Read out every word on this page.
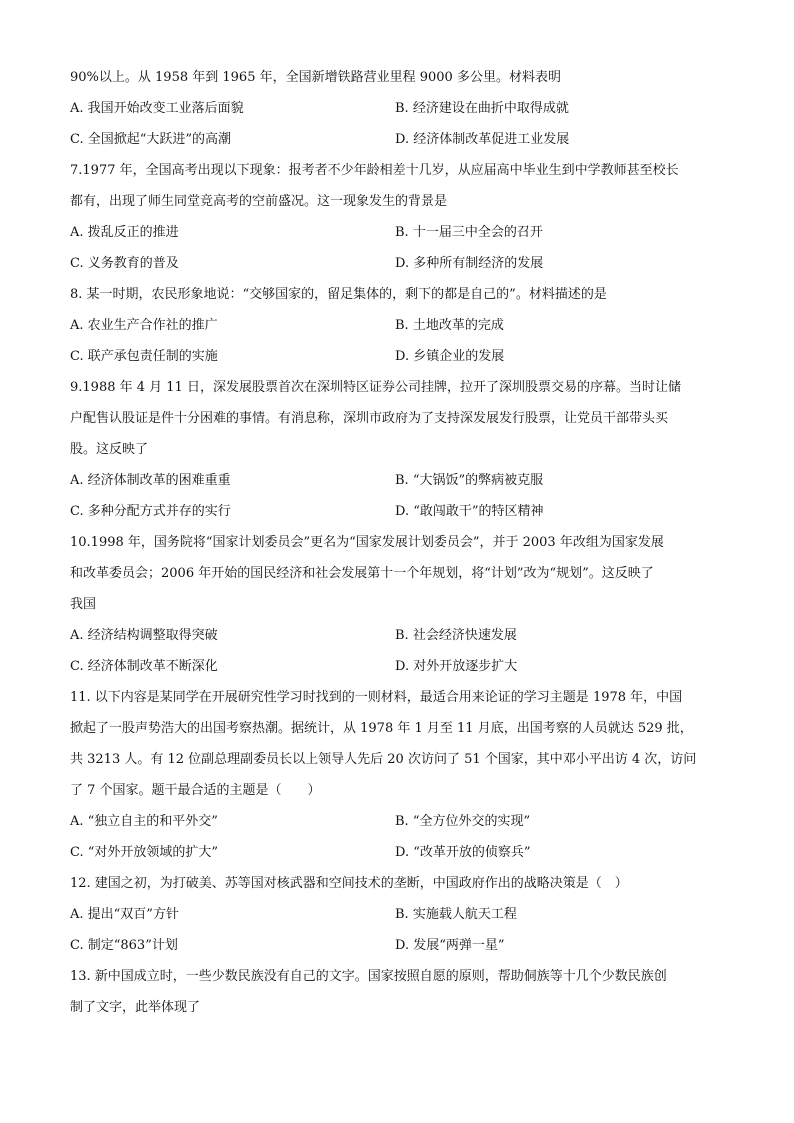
90%以上。从 1958 年到 1965 年，全国新增铁路营业里程 9000 多公里。材料表明
A. 我国开始改变工业落后面貌	B. 经济建设在曲折中取得成就
C. 全国掀起“大跃进”的高潮	D. 经济体制改革促进工业发展
7.1977 年，全国高考出现以下现象：报考者不少年龄相差十几岁，从应届高中毕业生到中学教师甚至校长
都有，出现了师生同堂竞高考的空前盛况。这一现象发生的背景是
A. 拨乱反正的推进	B. 十一届三中全会的召开
C. 义务教育的普及	D. 多种所有制经济的发展
8. 某一时期，农民形象地说：“交够国家的，留足集体的，剩下的都是自己的”。材料描述的是
A. 农业生产合作社的推广	B. 土地改革的完成
C. 联产承包责任制的实施	D. 乡镇企业的发展
9.1988 年 4 月 11 日，深发展股票首次在深圳特区证券公司挂牌，拉开了深圳股票交易的序幕。当时让储
户配售认股证是件十分困难的事情。有消息称，深圳市政府为了支持深发展发行股票，让党员干部带头买
股。这反映了
A. 经济体制改革的困难重重	B. “大锅饭”的弊病被克服
C. 多种分配方式并存的实行	D. “敢闯敢干”的特区精神
10.1998 年，国务院将“国家计划委员会”更名为“国家发展计划委员会”，并于 2003 年改组为国家发展
和改革委员会；2006 年开始的国民经济和社会发展第十一个年规划，将“计划”改为“规划”。这反映了
我国
A. 经济结构调整取得突破	B. 社会经济快速发展
C. 经济体制改革不断深化	D. 对外开放逐步扩大
11. 以下内容是某同学在开展研究性学习时找到的一则材料，最适合用来论证的学习主题是 1978 年，中国
掀起了一股声势浩大的出国考察热潮。据统计，从 1978 年 1 月至 11 月底，出国考察的人员就达 529 批，
共 3213 人。有 12 位副总理副委员长以上领导人先后 20 次访问了 51 个国家，其中邓小平出访 4 次，访问
了 7 个国家。题干最合适的主题是（　　）
A. “独立自主的和平外交”	B. “全方位外交的实现”
C. “对外开放领域的扩大”	D. “改革开放的侦察兵”
12. 建国之初，为打破美、苏等国对核武器和空间技术的垄断，中国政府作出的战略决策是（　）
A. 提出“双百”方针	B. 实施载人航天工程
C. 制定“863”计划	D. 发展“两弹一星”
13. 新中国成立时，一些少数民族没有自己的文字。国家按照自愿的原则，帮助侗族等十几个少数民族创
制了文字，此举体现了
